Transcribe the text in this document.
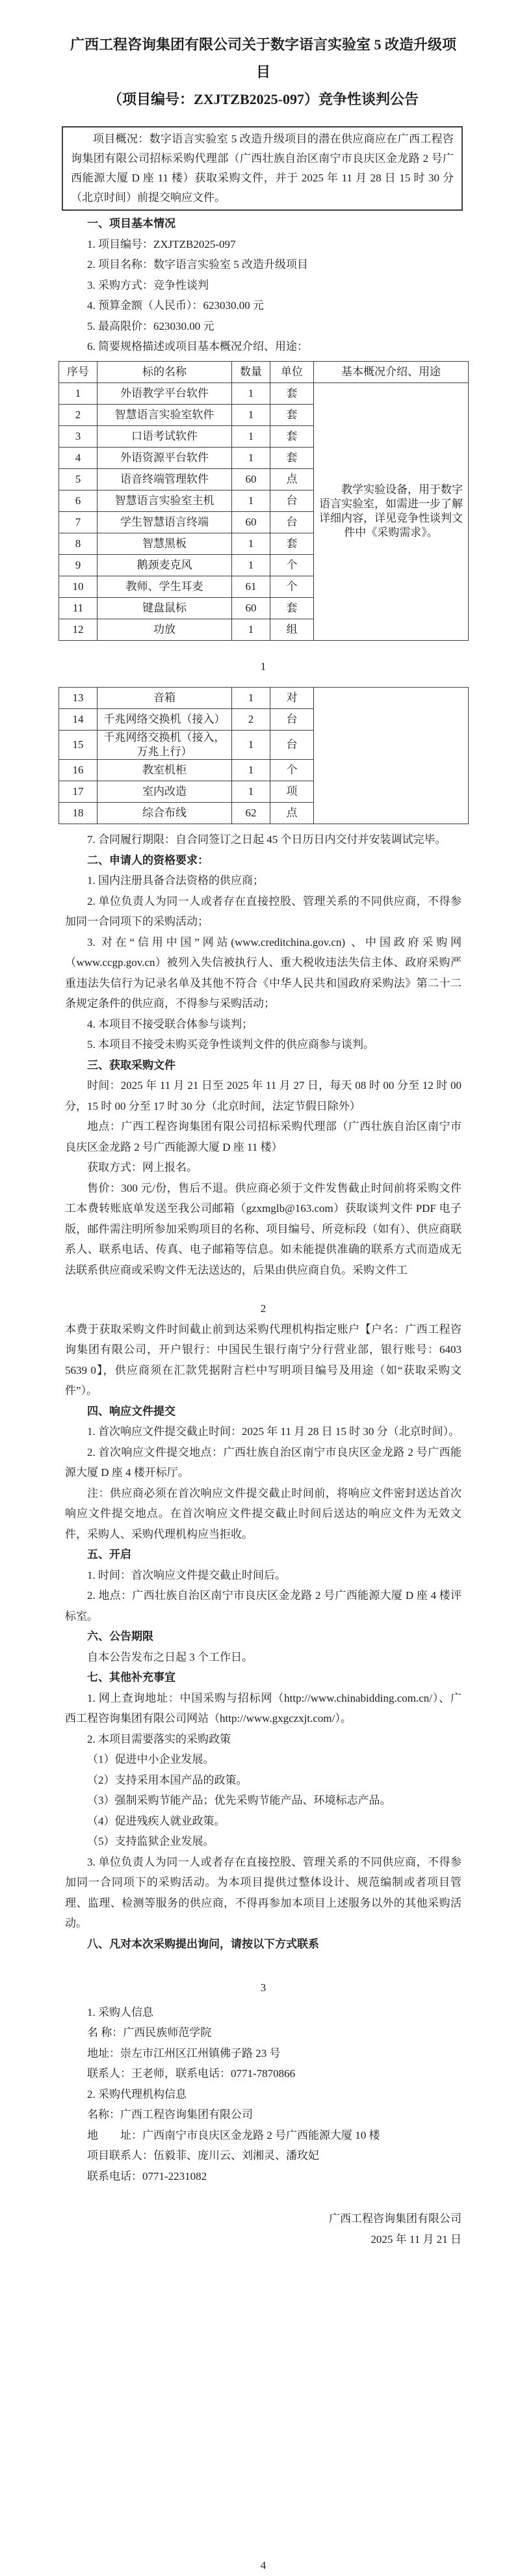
广西工程咨询集团有限公司关于数字语言实验室 5 改造升级项目
（项目编号：ZXJTZB2025-097）竞争性谈判公告

项目概况：数字语言实验室 5 改造升级项目的潜在供应商应在广西工程咨询集团有限公司招标采购代理部（广西壮族自治区南宁市良庆区金龙路 2 号广西能源大厦 D 座 11 楼）获取采购文件，并于 2025 年 11 月 28 日 15 时 30 分（北京时间）前提交响应文件。

一、项目基本情况

1. 项目编号：ZXJTZB2025-097

2. 项目名称：数字语言实验室 5 改造升级项目

3. 采购方式：竞争性谈判

4. 预算金额（人民币）：623030.00 元

5. 最高限价：623030.00 元

6. 简要规格描述或项目基本概况介绍、用途：

序号	标的名称	数量	单位	基本概况介绍、用途
1	外语教学平台软件	1	套	教学实验设备，用于数字语言实验室，如需进一步了解详细内容，详见竞争性谈判文件中《采购需求》。
2	智慧语言实验室软件	1	套	
3	口语考试软件	1	套	
4	外语资源平台软件	1	套	
5	语音终端管理软件	60	点	
6	智慧语言实验室主机	1	台	
7	学生智慧语言终端	60	台	
8	智慧黑板	1	套	
9	鹅颈麦克风	1	个	
10	教师、学生耳麦	61	个	
11	键盘鼠标	60	套	
12	功放	1	组	

1

13	音箱	1	对	
14	千兆网络交换机（接入）	2	台	
15	千兆网络交换机（接入，万兆上行）	1	台	
16	教室机柜	1	个	
17	室内改造	1	项	
18	综合布线	62	点	

7. 合同履行期限：自合同签订之日起 45 个日历日内交付并安装调试完毕。

二、申请人的资格要求：

1. 国内注册具备合法资格的供应商；

2. 单位负责人为同一人或者存在直接控股、管理关系的不同供应商，不得参加同一合同项下的采购活动；

3. 对在“信用中国”网站(www.creditchina.gov.cn) 、中国政府采购网（www.ccgp.gov.cn）被列入失信被执行人、重大税收违法失信主体、政府采购严重违法失信行为记录名单及其他不符合《中华人民共和国政府采购法》第二十二条规定条件的供应商，不得参与采购活动；

4. 本项目不接受联合体参与谈判；

5. 本项目不接受未购买竞争性谈判文件的供应商参与谈判。

三、获取采购文件

时间：2025 年 11 月 21 日至 2025 年 11 月 27 日，每天 08 时 00 分至 12 时 00 分，15 时 00 分至 17 时 30 分（北京时间，法定节假日除外）

地点：广西工程咨询集团有限公司招标采购代理部（广西壮族自治区南宁市良庆区金龙路 2 号广西能源大厦 D 座 11 楼）

获取方式：网上报名。

售价：300 元/份，售后不退。供应商必须于文件发售截止时间前将采购文件工本费转账底单发送至我公司邮箱（gzxmglb@163.com）获取谈判文件 PDF 电子版，邮件需注明所参加采购项目的名称、项目编号、所竞标段（如有）、供应商联系人、联系电话、传真、电子邮箱等信息。如未能提供准确的联系方式而造成无法联系供应商或采购文件无法送达的，后果由供应商自负。采购文件工

2

本费于获取采购文件时间截止前到达采购代理机构指定账户【户名：广西工程咨询集团有限公司，开户银行：中国民生银行南宁分行营业部，银行账号：6403 5639 0】，供应商须在汇款凭据附言栏中写明项目编号及用途（如“获取采购文件”）。

四、响应文件提交

1. 首次响应文件提交截止时间：2025 年 11 月 28 日 15 时 30 分（北京时间）。

2. 首次响应文件提交地点：广西壮族自治区南宁市良庆区金龙路 2 号广西能源大厦 D 座 4 楼开标厅。

注：供应商必须在首次响应文件提交截止时间前，将响应文件密封送达首次响应文件提交地点。在首次响应文件提交截止时间后送达的响应文件为无效文件，采购人、采购代理机构应当拒收。

五、开启

1. 时间：首次响应文件提交截止时间后。

2. 地点：广西壮族自治区南宁市良庆区金龙路 2 号广西能源大厦 D 座 4 楼评标室。

六、公告期限

自本公告发布之日起 3 个工作日。

七、其他补充事宜

1. 网上查询地址：中国采购与招标网（http://www.chinabidding.com.cn/）、广西工程咨询集团有限公司网站（http://www.gxgczxjt.com/）。

2. 本项目需要落实的采购政策

（1）促进中小企业发展。

（2）支持采用本国产品的政策。

（3）强制采购节能产品；优先采购节能产品、环境标志产品。

（4）促进残疾人就业政策。

（5）支持监狱企业发展。

3. 单位负责人为同一人或者存在直接控股、管理关系的不同供应商，不得参加同一合同项下的采购活动。为本项目提供过整体设计、规范编制或者项目管理、监理、检测等服务的供应商，不得再参加本项目上述服务以外的其他采购活动。

八、凡对本次采购提出询问，请按以下方式联系

3

1. 采购人信息

名 称：广西民族师范学院

地址：崇左市江州区江州镇佛子路 23 号

联系人：王老师，联系电话：0771-7870866

2. 采购代理机构信息

名称：广西工程咨询集团有限公司

地　　址：广西南宁市良庆区金龙路 2 号广西能源大厦 10 楼

项目联系人：伍毅菲、庞川云、刘湘灵、潘玫妃

联系电话：0771-2231082

广西工程咨询集团有限公司

2025 年 11 月 21 日

4
